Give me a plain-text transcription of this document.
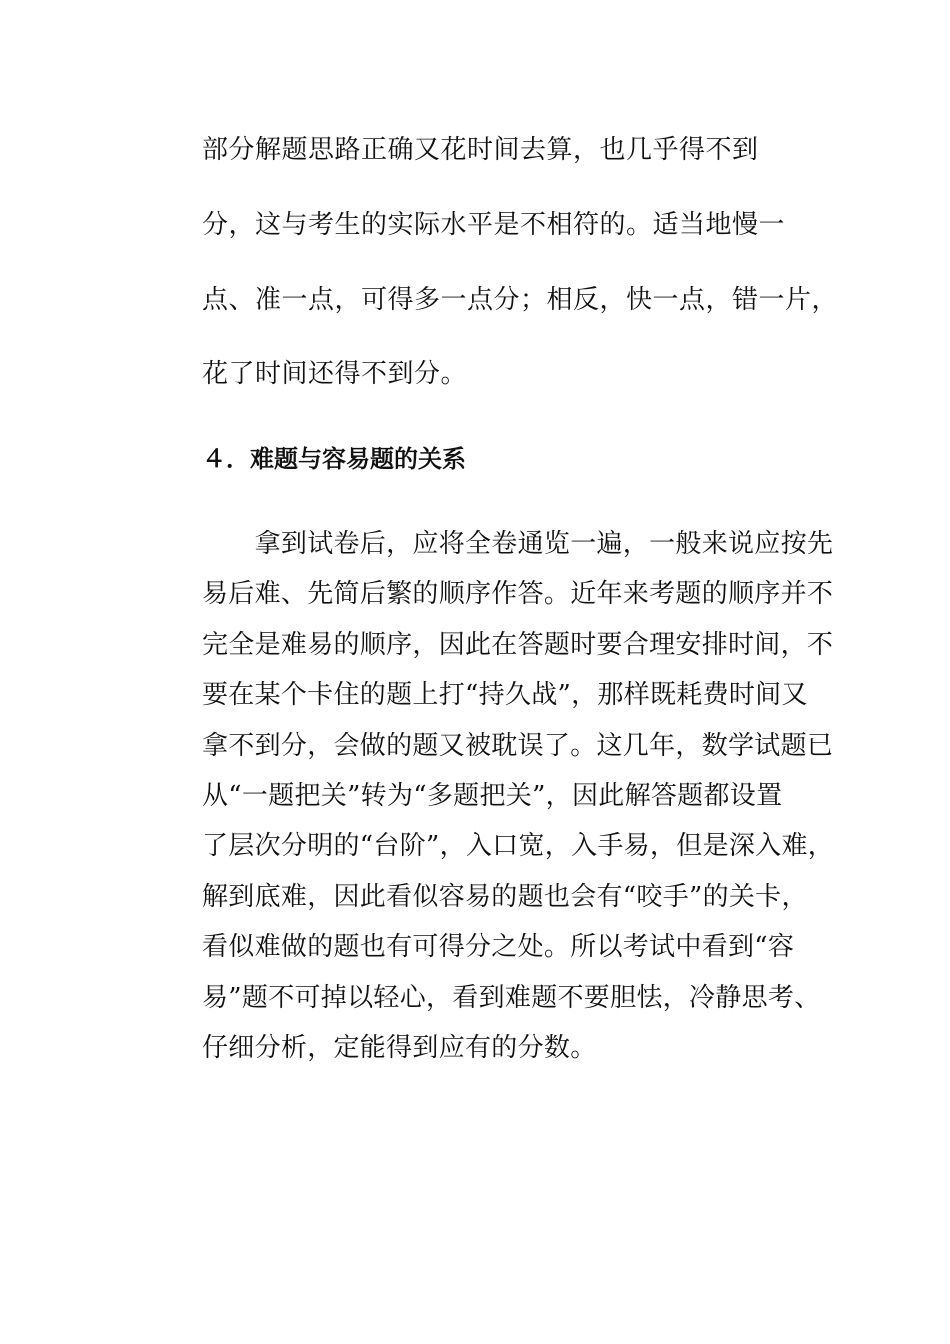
部分解题思路正确又花时间去算，也几乎得不到
分，这与考生的实际水平是不相符的。适当地慢一
点、准一点，可得多一点分；相反，快一点，错一片，
花了时间还得不到分。
４．难题与容易题的关系
　　拿到试卷后，应将全卷通览一遍，一般来说应按先
易后难、先简后繁的顺序作答。近年来考题的顺序并不
完全是难易的顺序，因此在答题时要合理安排时间，不
要在某个卡住的题上打“持久战”，那样既耗费时间又
拿不到分，会做的题又被耽误了。这几年，数学试题已
从“一题把关”转为“多题把关”，因此解答题都设置
了层次分明的“台阶”，入口宽，入手易，但是深入难，
解到底难，因此看似容易的题也会有“咬手”的关卡，
看似难做的题也有可得分之处。所以考试中看到“容
易”题不可掉以轻心，看到难题不要胆怯，冷静思考、
仔细分析，定能得到应有的分数。
